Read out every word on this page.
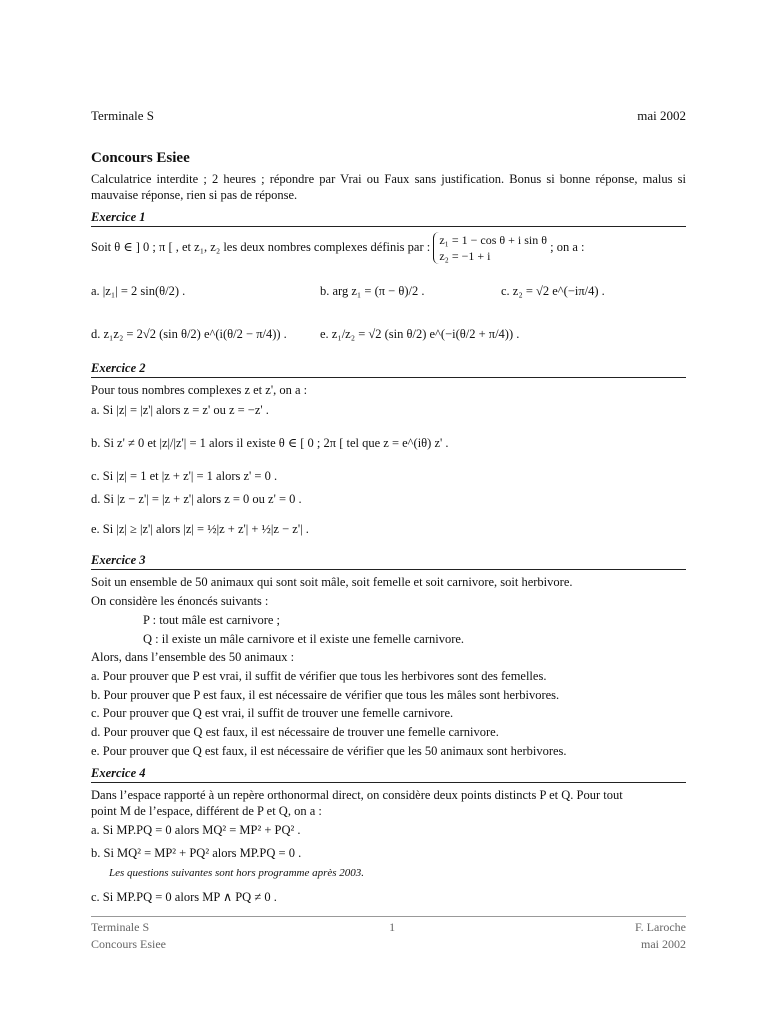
Terminale S	mai 2002
Concours Esiee
Calculatrice interdite ; 2 heures ; répondre par Vrai ou Faux sans justification. Bonus si bonne réponse, malus si mauvaise réponse, rien si pas de réponse.
Exercice 1
Soit θ ∈ ] 0 ; π [ , et z₁, z₂ les deux nombres complexes définis par : z₁ = 1 − cos θ + i sin θ
z₂ = −1 + i
; on a :
a. |z₁| = 2 sin(θ/2) .	b. arg z₁ = (π − θ)/2 .	c. z₂ = √2 e^(−iπ/4) .
d. z₁z₂ = 2√2 (sin θ/2) e^(i(θ/2 − π/4)) .	e. z₁/z₂ = √2 (sin θ/2) e^(−i(θ/2 + π/4)) .
Exercice 2
Pour tous nombres complexes z et z', on a :
a. Si |z| = |z'| alors z = z' ou z = −z' .
b. Si z' ≠ 0 et |z|/|z'| = 1 alors il existe θ ∈ [ 0 ; 2π [ tel que z = e^(iθ) z' .
c. Si |z| = 1 et |z + z'| = 1 alors z' = 0 .
d. Si |z − z'| = |z + z'| alors z = 0 ou z' = 0 .
e. Si |z| ≥ |z'| alors |z| = ½|z + z'| + ½|z − z'| .
Exercice 3
Soit un ensemble de 50 animaux qui sont soit mâle, soit femelle et soit carnivore, soit herbivore.
On considère les énoncés suivants :
P : tout mâle est carnivore ;
Q : il existe un mâle carnivore et il existe une femelle carnivore.
Alors, dans l’ensemble des 50 animaux :
a. Pour prouver que P est vrai, il suffit de vérifier que tous les herbivores sont des femelles.
b. Pour prouver que P est faux, il est nécessaire de vérifier que tous les mâles sont herbivores.
c. Pour prouver que Q est vrai, il suffit de trouver une femelle carnivore.
d. Pour prouver que Q est faux, il est nécessaire de trouver une femelle carnivore.
e. Pour prouver que Q est faux, il est nécessaire de vérifier que les 50 animaux sont herbivores.
Exercice 4
Dans l’espace rapporté à un repère orthonormal direct, on considère deux points distincts P et Q. Pour tout
point M de l’espace, différent de P et Q, on a :
a. Si MP.PQ = 0 alors MQ² = MP² + PQ² .
b. Si MQ² = MP² + PQ² alors MP.PQ = 0 .
Les questions suivantes sont hors programme après 2003.
c. Si MP.PQ = 0 alors MP ∧ PQ ≠ 0 .
Terminale S	1	F. Laroche
Concours Esiee	mai 2002
